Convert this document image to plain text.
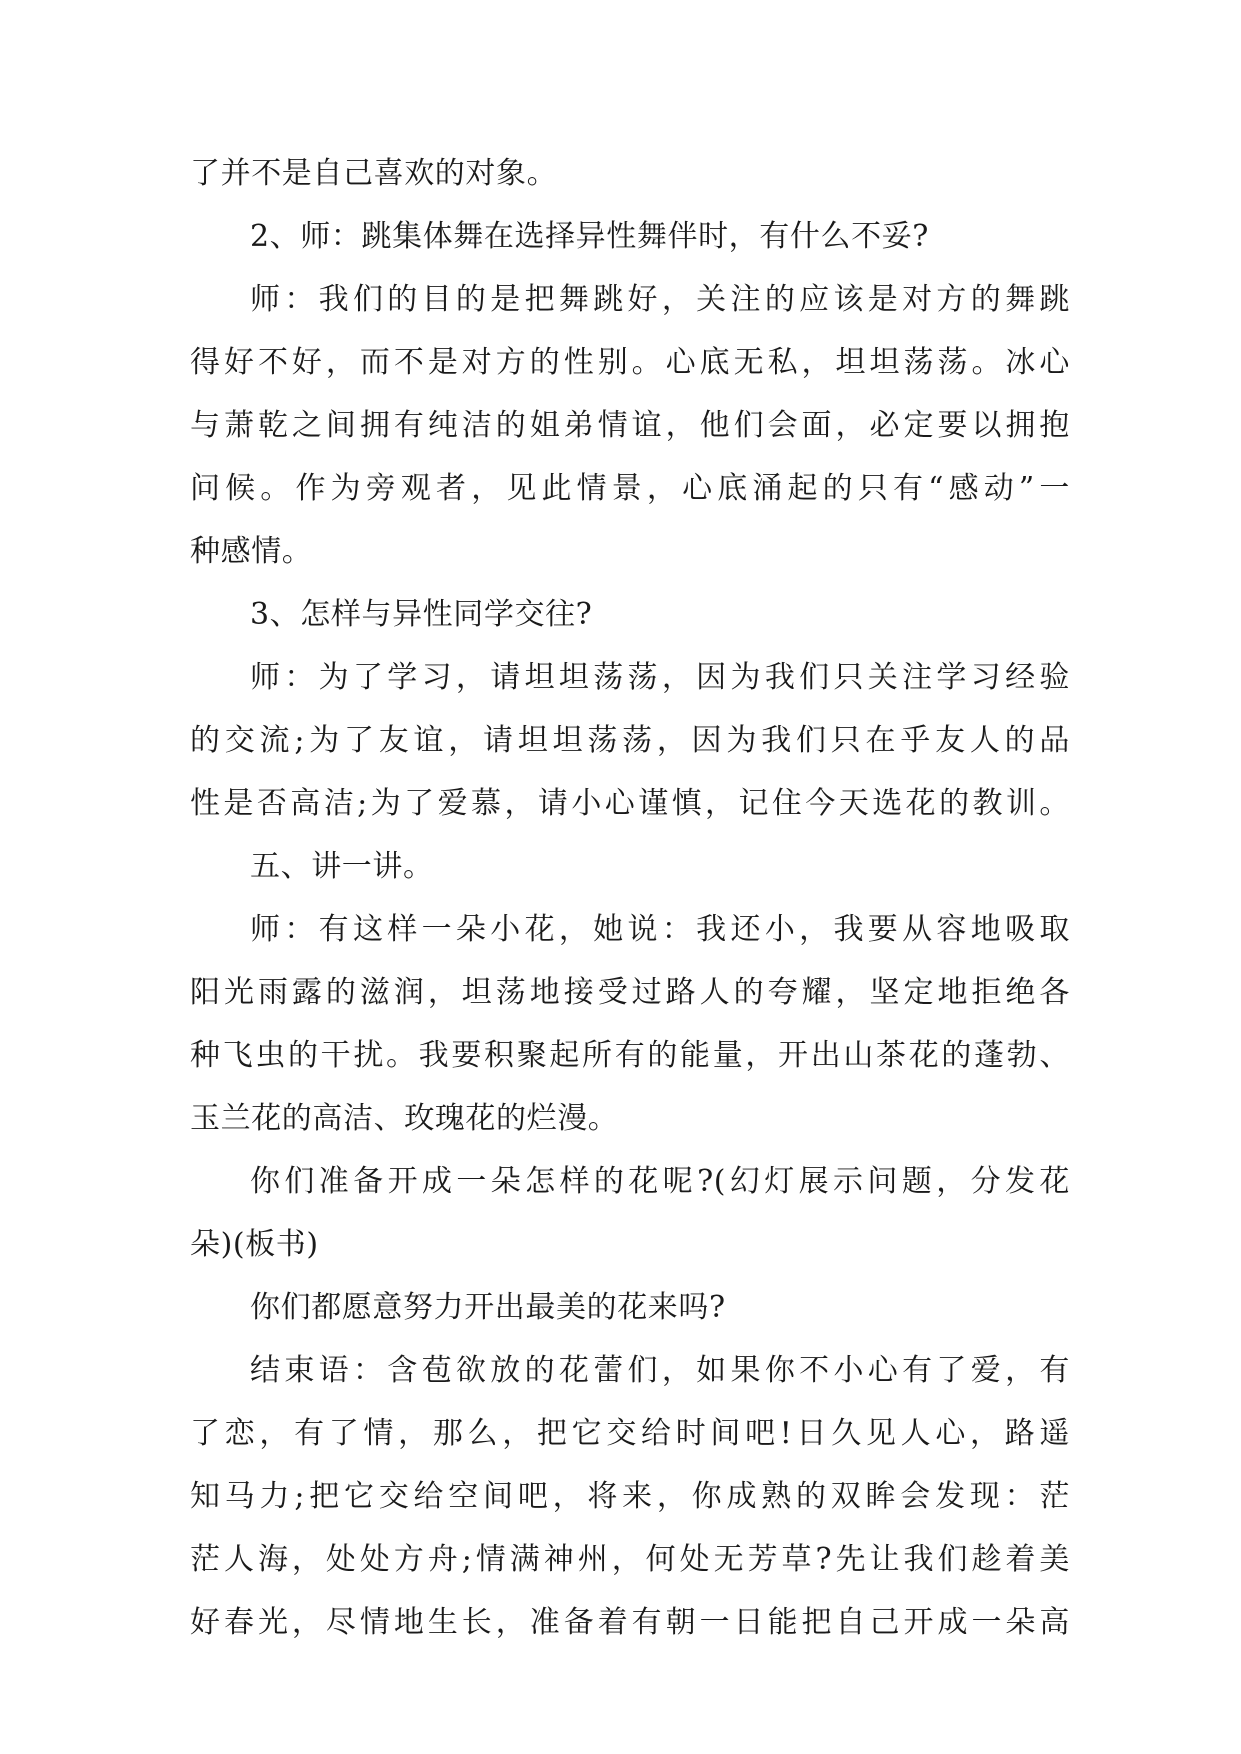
了并不是自己喜欢的对象。
2、师：跳集体舞在选择异性舞伴时，有什么不妥?
师：我们的目的是把舞跳好，关注的应该是对方的舞跳
得好不好，而不是对方的性别。心底无私，坦坦荡荡。冰心
与萧乾之间拥有纯洁的姐弟情谊，他们会面，必定要以拥抱
问候。作为旁观者，见此情景，心底涌起的只有“感动”一
种感情。
3、怎样与异性同学交往?
师：为了学习，请坦坦荡荡，因为我们只关注学习经验
的交流;为了友谊，请坦坦荡荡，因为我们只在乎友人的品
性是否高洁;为了爱慕，请小心谨慎，记住今天选花的教训。
五、讲一讲。
师：有这样一朵小花，她说：我还小，我要从容地吸取
阳光雨露的滋润，坦荡地接受过路人的夸耀，坚定地拒绝各
种飞虫的干扰。我要积聚起所有的能量，开出山茶花的蓬勃、
玉兰花的高洁、玫瑰花的烂漫。
你们准备开成一朵怎样的花呢?(幻灯展示问题，分发花
朵)(板书)
你们都愿意努力开出最美的花来吗?
结束语：含苞欲放的花蕾们，如果你不小心有了爱，有
了恋，有了情，那么，把它交给时间吧!日久见人心，路遥
知马力;把它交给空间吧，将来，你成熟的双眸会发现：茫
茫人海，处处方舟;情满神州，何处无芳草?先让我们趁着美
好春光，尽情地生长，准备着有朝一日能把自己开成一朵高
